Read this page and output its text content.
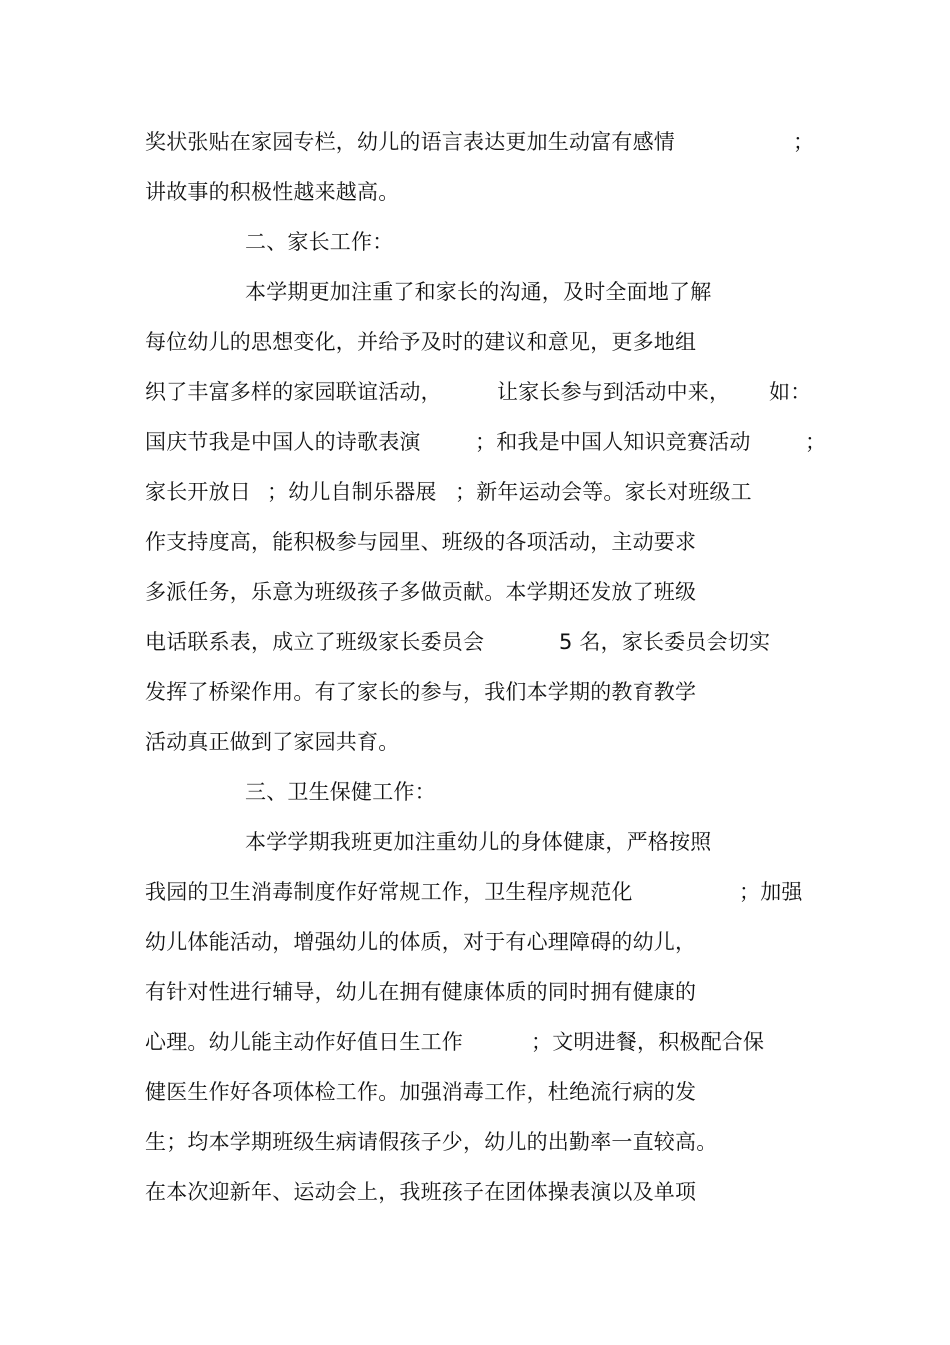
奖状张贴在家园专栏，幼儿的语言表达更加生动富有感情	；
讲故事的积极性越来越高。
二、家长工作：
本学期更加注重了和家长的沟通，及时全面地了解
每位幼儿的思想变化，并给予及时的建议和意见，更多地组
织了丰富多样的家园联谊活动，	让家长参与到活动中来， 如：
国庆节我是中国人的诗歌表演	；和我是中国人知识竞赛活动	；
家长开放日 ；幼儿自制乐器展 ；新年运动会等。家长对班级工
作支持度高，能积极参与园里、班级的各项活动，主动要求
多派任务，乐意为班级孩子多做贡献。本学期还发放了班级
电话联系表，成立了班级家长委员会	5 名，家长委员会切实
发挥了桥梁作用。有了家长的参与，我们本学期的教育教学
活动真正做到了家园共育。
三、卫生保健工作：
本学学期我班更加注重幼儿的身体健康，严格按照
我园的卫生消毒制度作好常规工作，卫生程序规范化	；加强
幼儿体能活动，增强幼儿的体质，对于有心理障碍的幼儿，
有针对性进行辅导，幼儿在拥有健康体质的同时拥有健康的
心理。幼儿能主动作好值日生工作	；文明进餐，积极配合保
健医生作好各项体检工作。加强消毒工作，杜绝流行病的发
生；均本学期班级生病请假孩子少，幼儿的出勤率一直较高。
在本次迎新年、运动会上，我班孩子在团体操表演以及单项
